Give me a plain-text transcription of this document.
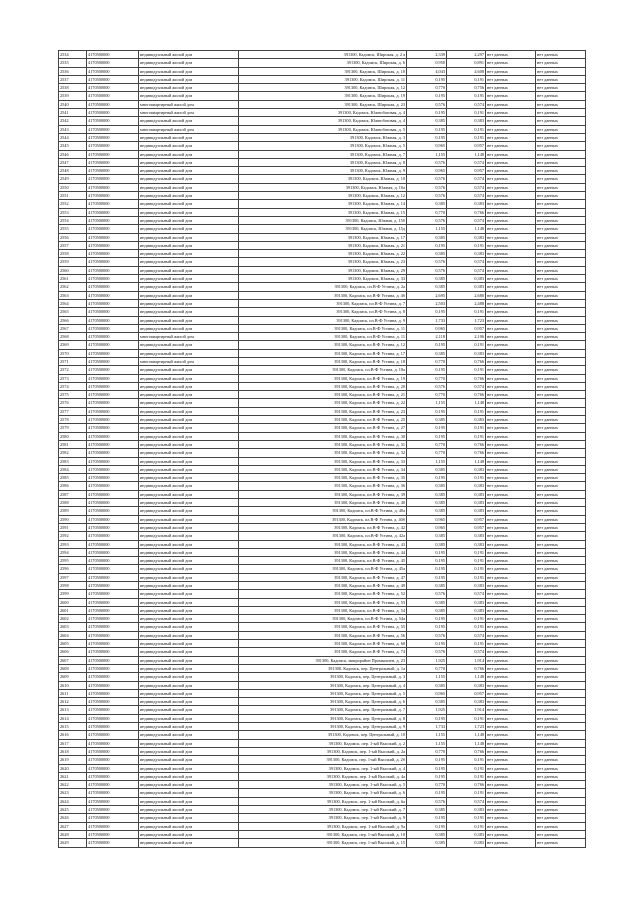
2534	4170500000	индивидуальный жилой дом	391300, Кадомск, Широкая, д. 2 а	2,339	2,297	нет данных	нет данных
2535	4170500000	индивидуальный жилой дом	391300, Кадомск, Широкая, д. 6	0,950	0,891	нет данных	нет данных
2536	4170500000	индивидуальный жилой дом	391300, Кадомск, Широкая, д. 10	4,043	4,608	нет данных	нет данных
2537	4170500000	индивидуальный жилой дом	391300, Кадомск, Широкая, д. 11	0,195	0,191	нет данных	нет данных
2538	4170500000	индивидуальный жилой дом	391300, Кадомск, Широкая, д. 12	0,770	0,756	нет данных	нет данных
2539	4170500000	индивидуальный жилой дом	391300, Кадомск, Широкая, д. 19	0,195	0,191	нет данных	нет данных
2540	4170500000	многоквартирный жилой дом	391300, Кадомск, Широкая, д. 23	0,576	0,574	нет данных	нет данных
2541	4170500000	многоквартирный жилой дом	391300, Кадомск, Южнобазовая, д. 4	0,195	0,191	нет данных	нет данных
2542	4170500000	индивидуальный жилой дом	391300, Кадомск, Южнобазовая, д. 4	0,385	0,383	нет данных	нет данных
2543	4170500000	многоквартирный жилой дом	391300, Кадомск, Южнобазовая, д. 5	0,195	0,191	нет данных	нет данных
2544	4170500000	индивидуальный жилой дом	391300, Кадомск, Южная, д. 3	0,195	0,191	нет данных	нет данных
2545	4170500000	индивидуальный жилой дом	391300, Кадомск, Южная, д. 5	0,965	0,957	нет данных	нет данных
2546	4170500000	индивидуальный жилой дом	391300, Кадомск, Южная, д. 7	1,155	1,148	нет данных	нет данных
2547	4170500000	индивидуальный жилой дом	391300, Кадомск, Южная, д. 8	0,576	0,574	нет данных	нет данных
2548	4170500000	индивидуальный жилой дом	391300, Кадомск, Южная, д. 9	0,965	0,957	нет данных	нет данных
2549	4170500000	индивидуальный жилой дом	391300, Кадомск, Южная, д. 10	0,576	0,574	нет данных	нет данных
2550	4170500000	индивидуальный жилой дом	391300, Кадомск, Южная, д. 10а	0,576	0,574	нет данных	нет данных
2551	4170500000	индивидуальный жилой дом	391300, Кадомск, Южная, д. 12	0,576	0,574	нет данных	нет данных
2552	4170500000	индивидуальный жилой дом	391300, Кадомск, Южная, д. 14	0,385	0,383	нет данных	нет данных
2553	4170500000	индивидуальный жилой дом	391300, Кадомск, Южная, д. 15	0,770	0,766	нет данных	нет данных
2554	4170500000	индивидуальный жилой дом	391300, Кадомск, Южная, д. 15б	0,576	0,574	нет данных	нет данных
2555	4170500000	индивидуальный жилой дом	391300, Кадомск, Южная, д. 15д	1,155	1,148	нет данных	нет данных
2556	4170500000	индивидуальный жилой дом	391300, Кадомск, Южная, д. 17	0,385	0,383	нет данных	нет данных
2557	4170500000	индивидуальный жилой дом	391300, Кадомск, Южная, д. 21	0,195	0,191	нет данных	нет данных
2558	4170500000	индивидуальный жилой дом	391300, Кадомск, Южная, д. 22	0,385	0,383	нет данных	нет данных
2559	4170500000	индивидуальный жилой дом	391300, Кадомск, Южная, д. 23	0,576	0,574	нет данных	нет данных
2560	4170500000	индивидуальный жилой дом	391300, Кадомск, Южная, д. 29	0,576	0,574	нет данных	нет данных
2561	4170500000	индивидуальный жилой дом	391300, Кадомск, Южная, д. 33	0,385	0,383	нет данных	нет данных
2562	4170500000	индивидуальный жилой дом	391300, Кадомск, пл.В-Ф Устина, д. 2а	0,385	0,383	нет данных	нет данных
2563	4170500000	индивидуальный жилой дом	391300, Кадомск, пл.В-Ф Устина, д. 4б	2,695	2,680	нет данных	нет данных
2564	4170500000	индивидуальный жилой дом	391300, Кадомск, пл.В-Ф Устина, д. 7	2,503	2,488	нет данных	нет данных
2565	4170500000	индивидуальный жилой дом	391300, Кадомск, пл.В-Ф Устина, д. 8	0,195	0,191	нет данных	нет данных
2566	4170500000	индивидуальный жилой дом	391300, Кадомск, пл.В-Ф Устина, д. 9	1,733	1,723	нет данных	нет данных
2567	4170500000	индивидуальный жилой дом	391300, Кадомск, пл.В-Ф Устина, д. 11	0,965	0,957	нет данных	нет данных
2568	4170500000	многоквартирный жилой дом	391300, Кадомск, пл.В-Ф Устина, д. 11	2,118	2,106	нет данных	нет данных
2569	4170500000	индивидуальный жилой дом	391300, Кадомск, пл.В-Ф Устина, д. 12	0,195	0,191	нет данных	нет данных
2570	4170500000	индивидуальный жилой дом	391300, Кадомск, пл.В-Ф Устина, д. 17	0,385	0,383	нет данных	нет данных
2571	4170500000	многоквартирный жилой дом	391300, Кадомск, пл.В-Ф Устина, д. 18	0,770	0,766	нет данных	нет данных
2572	4170500000	индивидуальный жилой дом	391300, Кадомск, пл.В-Ф Устина, д. 18а	0,195	0,191	нет данных	нет данных
2573	4170500000	индивидуальный жилой дом	391300, Кадомск, пл.В-Ф Устина, д. 19	0,770	0,766	нет данных	нет данных
2574	4170500000	индивидуальный жилой дом	391300, Кадомск, пл.В-Ф Устина, д. 20	0,576	0,574	нет данных	нет данных
2575	4170500000	индивидуальный жилой дом	391300, Кадомск, пл.В-Ф Устина, д. 21	0,770	0,766	нет данных	нет данных
2576	4170500000	индивидуальный жилой дом	391300, Кадомск, пл.В-Ф Устина, д. 22	1,155	1,148	нет данных	нет данных
2577	4170500000	индивидуальный жилой дом	391300, Кадомск, пл.В-Ф Устина, д. 23	0,195	0,191	нет данных	нет данных
2578	4170500000	индивидуальный жилой дом	391300, Кадомск, пл.В-Ф Устина, д. 25	0,385	0,383	нет данных	нет данных
2579	4170500000	индивидуальный жилой дом	391300, Кадомск, пл.В-Ф Устина, д. 27	0,195	0,191	нет данных	нет данных
2580	4170500000	индивидуальный жилой дом	391300, Кадомск, пл.В-Ф Устина, д. 30	0,195	0,191	нет данных	нет данных
2581	4170500000	индивидуальный жилой дом	391300, Кадомск, пл.В-Ф Устина, д. 31	0,770	0,766	нет данных	нет данных
2582	4170500000	индивидуальный жилой дом	391300, Кадомск, пл.В-Ф Устина, д. 32	0,770	0,766	нет данных	нет данных
2583	4170500000	индивидуальный жилой дом	391300, Кадомск, пл.В-Ф Устина, д. 33	1,155	1,148	нет данных	нет данных
2584	4170500000	индивидуальный жилой дом	391300, Кадомск, пл.В-Ф Устина, д. 34	0,385	0,383	нет данных	нет данных
2585	4170500000	индивидуальный жилой дом	391300, Кадомск, пл.В-Ф Устина, д. 35	0,195	0,191	нет данных	нет данных
2586	4170500000	индивидуальный жилой дом	391300, Кадомск, пл.В-Ф Устина, д. 36	0,385	0,383	нет данных	нет данных
2587	4170500000	индивидуальный жилой дом	391300, Кадомск, пл.В-Ф Устина, д. 39	0,385	0,383	нет данных	нет данных
2588	4170500000	индивидуальный жилой дом	391300, Кадомск, пл.В-Ф Устина, д. 40	0,385	0,383	нет данных	нет данных
2589	4170500000	индивидуальный жилой дом	391300, Кадомск, пл.В-Ф Устина, д. 40а	0,385	0,383	нет данных	нет данных
2590	4170500000	индивидуальный жилой дом	391300, Кадомск, пл.В-Ф Устина, д. 40б	0,965	0,957	нет данных	нет данных
2591	4170500000	индивидуальный жилой дом	391300, Кадомск, пл.В-Ф Устина, д. 42	0,965	0,957	нет данных	нет данных
2592	4170500000	индивидуальный жилой дом	391300, Кадомск, пл.В-Ф Устина, д. 42а	0,385	0,383	нет данных	нет данных
2593	4170500000	индивидуальный жилой дом	391300, Кадомск, пл.В-Ф Устина, д. 43	0,385	0,383	нет данных	нет данных
2594	4170500000	индивидуальный жилой дом	391300, Кадомск, пл.В-Ф Устина, д. 44	0,195	0,191	нет данных	нет данных
2595	4170500000	индивидуальный жилой дом	391300, Кадомск, пл.В-Ф Устина, д. 45	0,195	0,191	нет данных	нет данных
2596	4170500000	индивидуальный жилой дом	391300, Кадомск, пл.В-Ф Устина, д. 45а	0,195	0,191	нет данных	нет данных
2597	4170500000	индивидуальный жилой дом	391300, Кадомск, пл.В-Ф Устина, д. 47	0,195	0,191	нет данных	нет данных
2598	4170500000	индивидуальный жилой дом	391300, Кадомск, пл.В-Ф Устина, д. 49	0,385	0,383	нет данных	нет данных
2599	4170500000	индивидуальный жилой дом	391300, Кадомск, пл.В-Ф Устина, д. 52	0,576	0,574	нет данных	нет данных
2600	4170500000	индивидуальный жилой дом	391300, Кадомск, пл.В-Ф Устина, д. 53	0,385	0,383	нет данных	нет данных
2601	4170500000	индивидуальный жилой дом	391300, Кадомск, пл.В-Ф Устина, д. 54	0,385	0,383	нет данных	нет данных
2602	4170500000	индивидуальный жилой дом	391300, Кадомск, пл.В-Ф Устина, д. 54а	0,195	0,191	нет данных	нет данных
2603	4170500000	индивидуальный жилой дом	391300, Кадомск, пл.В-Ф Устина, д. 55	0,195	0,191	нет данных	нет данных
2604	4170500000	индивидуальный жилой дом	391300, Кадомск, пл.В-Ф Устина, д. 56	0,576	0,574	нет данных	нет данных
2605	4170500000	индивидуальный жилой дом	391300, Кадомск, пл.В-Ф Устина, д. 60	0,195	0,191	нет данных	нет данных
2606	4170500000	индивидуальный жилой дом	391300, Кадомск, пл.В-Ф Устина, д. 74	0,576	0,574	нет данных	нет данных
2607	4170500000	индивидуальный жилой дом	391300, Кадомск, микрорайон Промышлен, д. 23	1,925	1,914	нет данных	нет данных
2608	4170500000	индивидуальный жилой дом	391300, Кадомск, пер. Центральный, д. 1а	0,770	0,766	нет данных	нет данных
2609	4170500000	индивидуальный жилой дом	391300, Кадомск, пер. Центральный, д. 3	1,155	1,148	нет данных	нет данных
2610	4170500000	индивидуальный жилой дом	391300, Кадомск, пер. Центральный, д. 4	0,385	0,383	нет данных	нет данных
2611	4170500000	индивидуальный жилой дом	391300, Кадомск, пер. Центральный, д. 5	0,965	0,957	нет данных	нет данных
2612	4170500000	индивидуальный жилой дом	391300, Кадомск, пер. Центральный, д. 6	0,385	0,383	нет данных	нет данных
2613	4170500000	индивидуальный жилой дом	391300, Кадомск, пер. Центральный, д. 7	1,925	1,914	нет данных	нет данных
2614	4170500000	индивидуальный жилой дом	391300, Кадомск, пер. Центральный, д. 8	0,195	0,191	нет данных	нет данных
2615	4170500000	индивидуальный жилой дом	391300, Кадомск, пер. Центральный, д. 9	1,733	1,723	нет данных	нет данных
2616	4170500000	индивидуальный жилой дом	391300, Кадомск, пер. Центральный, д. 10	1,155	1,148	нет данных	нет данных
2617	4170500000	индивидуальный жилой дом	391300, Кадомск, пер. 1-ый Высокий, д. 2	1,155	1,148	нет данных	нет данных
2618	4170500000	индивидуальный жилой дом	391300, Кадомск, пер. 1-ый Высокий, д. 2а	0,770	0,766	нет данных	нет данных
2619	4170500000	индивидуальный жилой дом	391300, Кадомск, пер. 1-ый Высокий, д. 2б	0,195	0,191	нет данных	нет данных
2620	4170500000	индивидуальный жилой дом	391300, Кадомск, пер. 1-ый Высокий, д. 4	0,195	0,191	нет данных	нет данных
2621	4170500000	индивидуальный жилой дом	391300, Кадомск, пер. 1-ый Высокий, д. 4а	0,195	0,191	нет данных	нет данных
2622	4170500000	индивидуальный жилой дом	391300, Кадомск, пер. 1-ый Высокий, д. 5	0,770	0,766	нет данных	нет данных
2623	4170500000	индивидуальный жилой дом	391300, Кадомск, пер. 1-ый Высокий, д. 6	0,195	0,191	нет данных	нет данных
2624	4170500000	индивидуальный жилой дом	391300, Кадомск, пер. 1-ый Высокий, д. 6а	0,576	0,574	нет данных	нет данных
2625	4170500000	индивидуальный жилой дом	391300, Кадомск, пер. 1-ый Высокий, д. 7	0,385	0,383	нет данных	нет данных
2626	4170500000	индивидуальный жилой дом	391300, Кадомск, пер. 1-ый Высокий, д. 9	0,195	0,191	нет данных	нет данных
2627	4170500000	индивидуальный жилой дом	391300, Кадомск, пер. 1-ый Высокий, д. 9а	0,195	0,191	нет данных	нет данных
2628	4170500000	индивидуальный жилой дом	391300, Кадомск, пер. 1-ый Высокий, д. 10	0,385	0,383	нет данных	нет данных
2629	4170500000	индивидуальный жилой дом	391300, Кадомск, пер. 1-ый Высокий, д. 15	0,385	0,383	нет данных	нет данных
